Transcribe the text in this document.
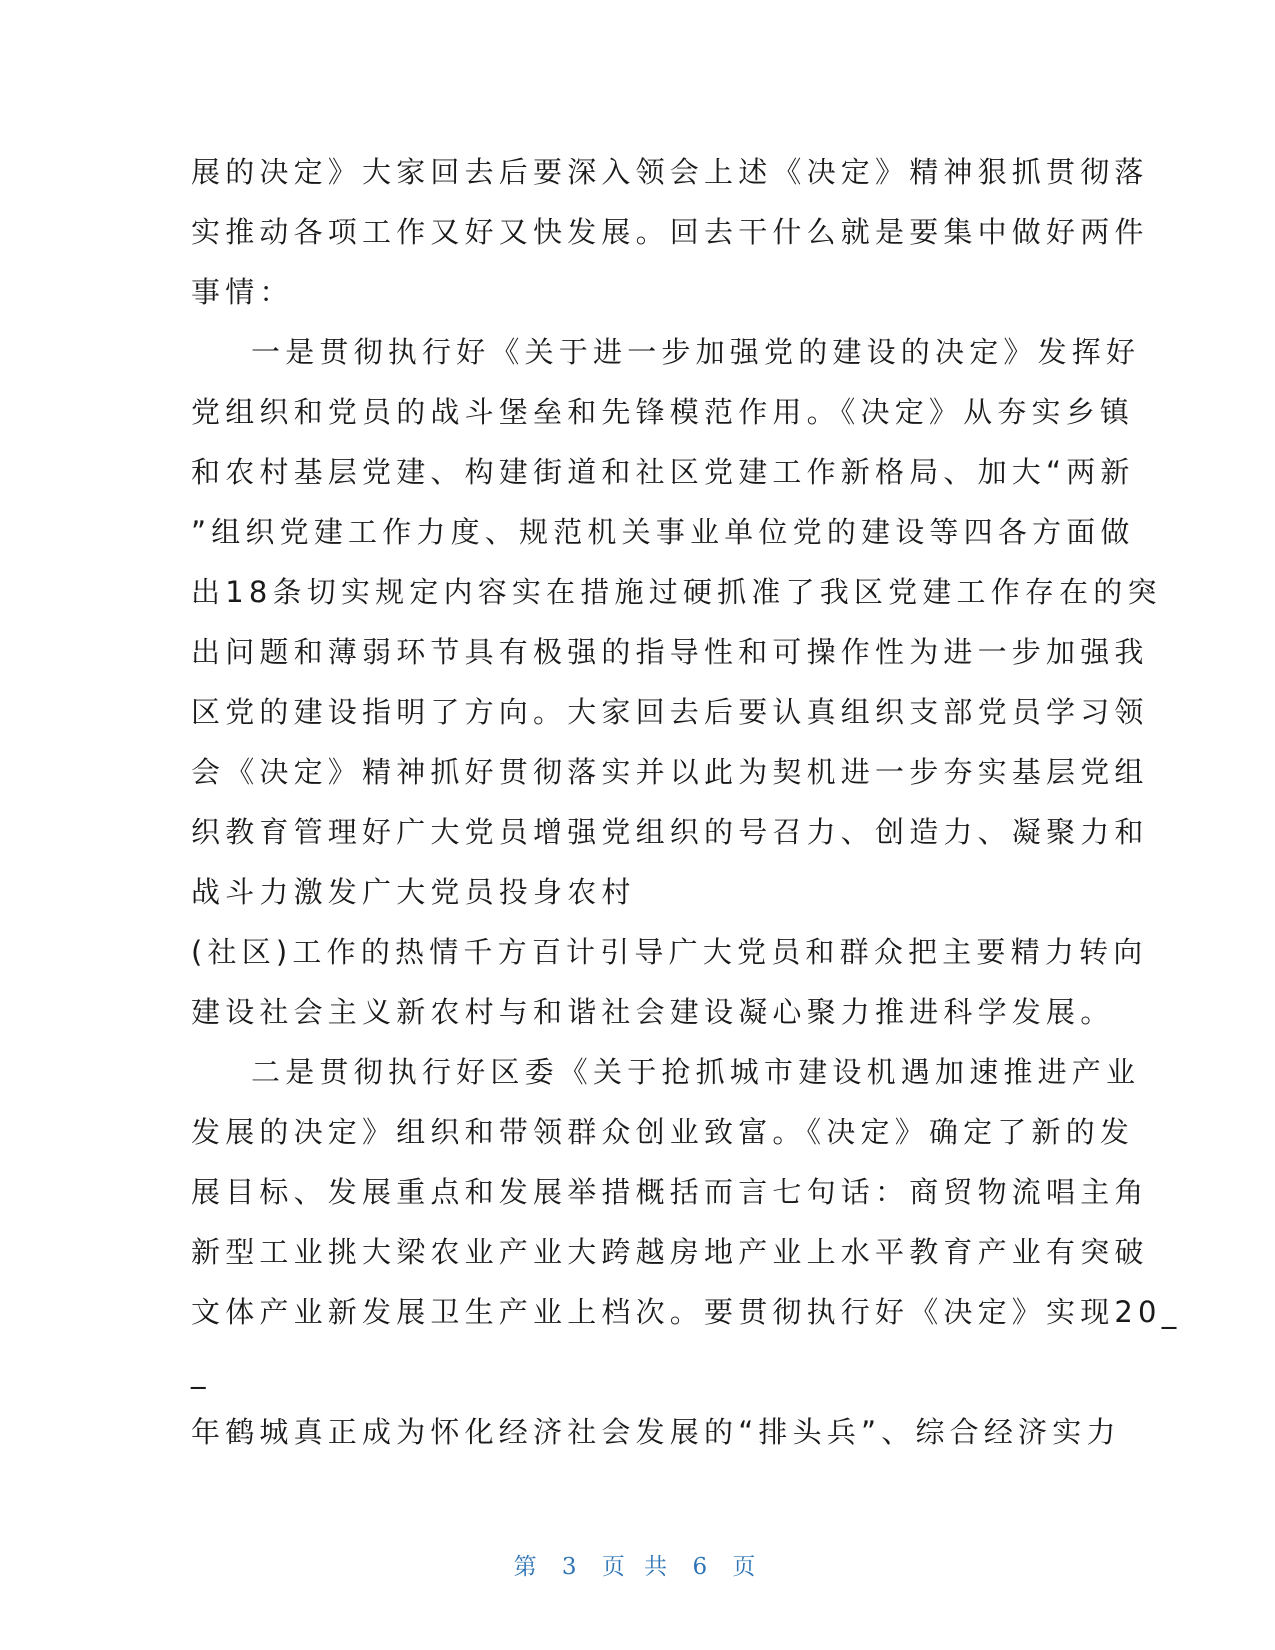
展的决定》大家回去后要深入领会上述《决定》精神狠抓贯彻落
实推动各项工作又好又快发展。回去干什么就是要集中做好两件
事情：
一是贯彻执行好《关于进一步加强党的建设的决定》发挥好
党组织和党员的战斗堡垒和先锋模范作用。《决定》从夯实乡镇
和农村基层党建、构建街道和社区党建工作新格局、加大“两新
”组织党建工作力度、规范机关事业单位党的建设等四各方面做
出18条切实规定内容实在措施过硬抓准了我区党建工作存在的突
出问题和薄弱环节具有极强的指导性和可操作性为进一步加强我
区党的建设指明了方向。大家回去后要认真组织支部党员学习领
会《决定》精神抓好贯彻落实并以此为契机进一步夯实基层党组
织教育管理好广大党员增强党组织的号召力、创造力、凝聚力和
战斗力激发广大党员投身农村
(社区)工作的热情千方百计引导广大党员和群众把主要精力转向
建设社会主义新农村与和谐社会建设凝心聚力推进科学发展。
二是贯彻执行好区委《关于抢抓城市建设机遇加速推进产业
发展的决定》组织和带领群众创业致富。《决定》确定了新的发
展目标、发展重点和发展举措概括而言七句话：商贸物流唱主角
新型工业挑大梁农业产业大跨越房地产业上水平教育产业有突破
文体产业新发展卫生产业上档次。要贯彻执行好《决定》实现20_
_
年鹤城真正成为怀化经济社会发展的“排头兵”、综合经济实力

第 3 页 共 6 页
